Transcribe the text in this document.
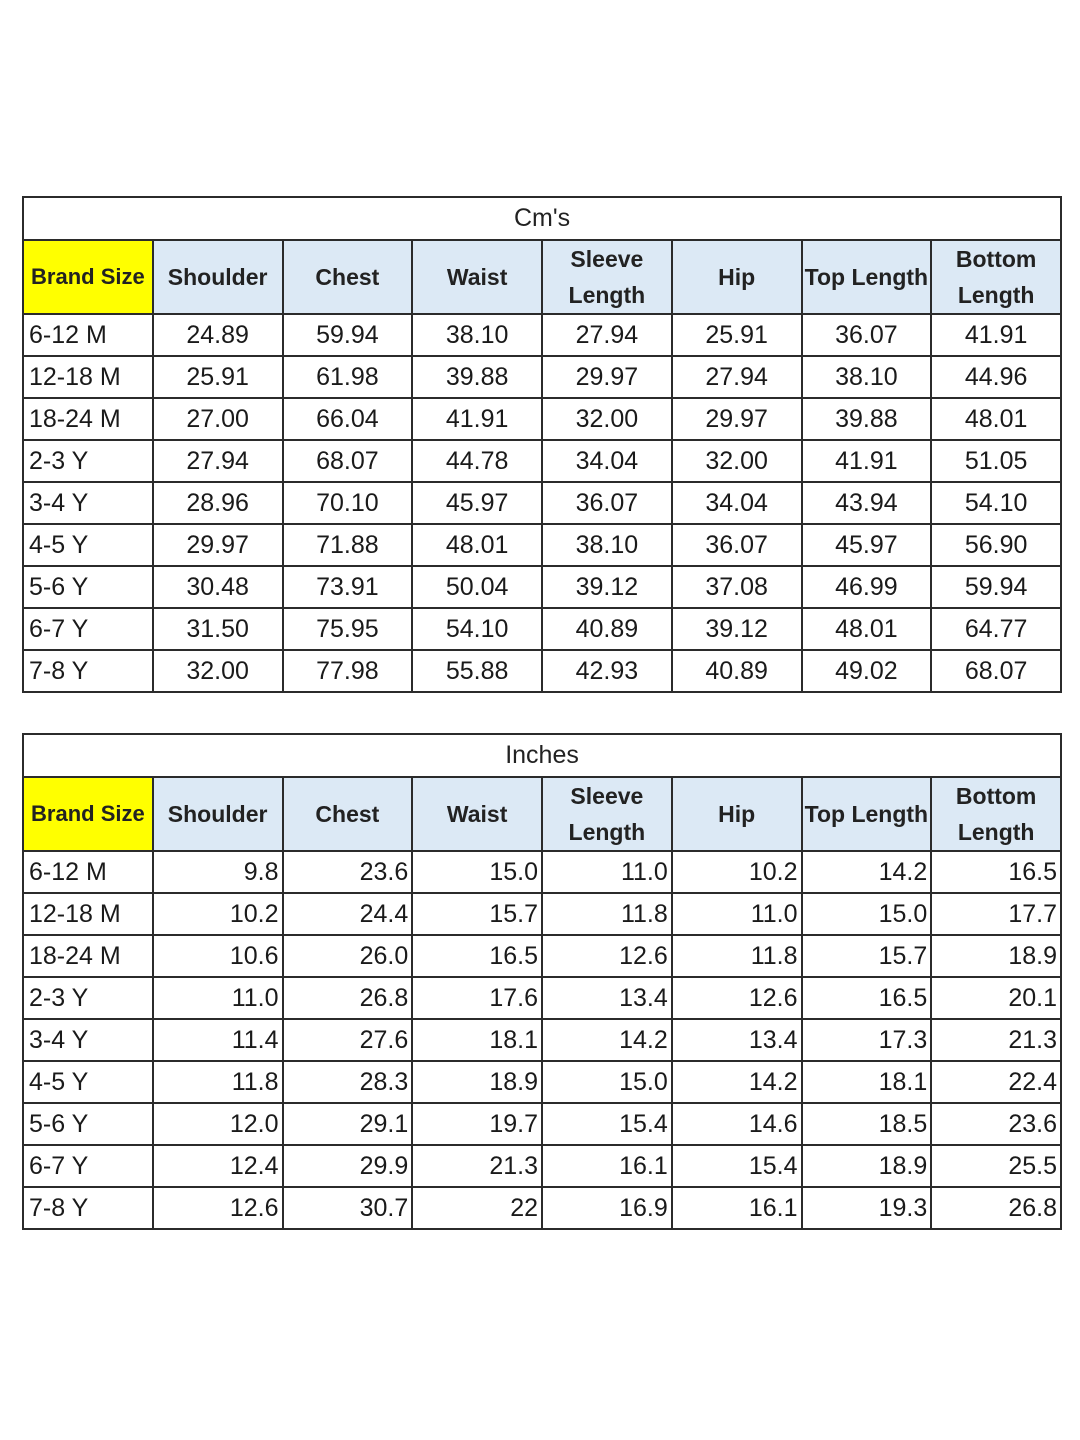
Cm's							
Brand Size	Shoulder	Chest	Waist	Sleeve Length	Hip	Top Length	Bottom Length
6-12 M	24.89	59.94	38.10	27.94	25.91	36.07	41.91
12-18 M	25.91	61.98	39.88	29.97	27.94	38.10	44.96
18-24 M	27.00	66.04	41.91	32.00	29.97	39.88	48.01
2-3 Y	27.94	68.07	44.78	34.04	32.00	41.91	51.05
3-4 Y	28.96	70.10	45.97	36.07	34.04	43.94	54.10
4-5 Y	29.97	71.88	48.01	38.10	36.07	45.97	56.90
5-6 Y	30.48	73.91	50.04	39.12	37.08	46.99	59.94
6-7 Y	31.50	75.95	54.10	40.89	39.12	48.01	64.77
7-8 Y	32.00	77.98	55.88	42.93	40.89	49.02	68.07
Inches							
Brand Size	Shoulder	Chest	Waist	Sleeve Length	Hip	Top Length	Bottom Length
6-12 M	9.8	23.6	15.0	11.0	10.2	14.2	16.5
12-18 M	10.2	24.4	15.7	11.8	11.0	15.0	17.7
18-24 M	10.6	26.0	16.5	12.6	11.8	15.7	18.9
2-3 Y	11.0	26.8	17.6	13.4	12.6	16.5	20.1
3-4 Y	11.4	27.6	18.1	14.2	13.4	17.3	21.3
4-5 Y	11.8	28.3	18.9	15.0	14.2	18.1	22.4
5-6 Y	12.0	29.1	19.7	15.4	14.6	18.5	23.6
6-7 Y	12.4	29.9	21.3	16.1	15.4	18.9	25.5
7-8 Y	12.6	30.7	22	16.9	16.1	19.3	26.8
